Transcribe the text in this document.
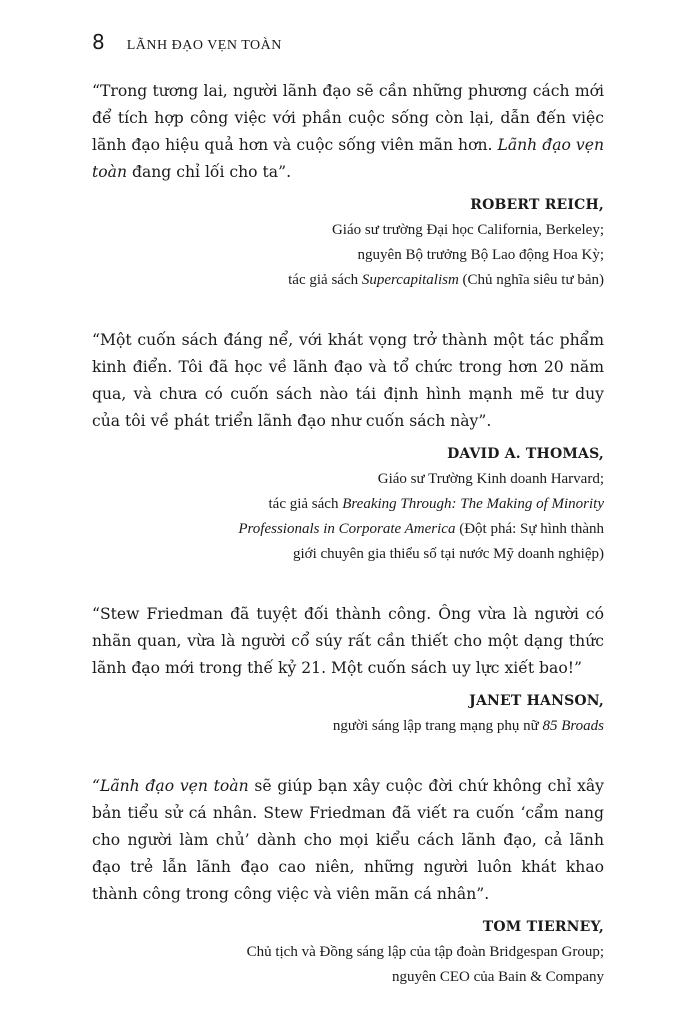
8 LÃNH ĐẠO VẸN TOÀN

“Trong tương lai, người lãnh đạo sẽ cần những phương cách mới để tích hợp công việc với phần cuộc sống còn lại, dẫn đến việc lãnh đạo hiệu quả hơn và cuộc sống viên mãn hơn. Lãnh đạo vẹn toàn đang chỉ lối cho ta”.

ROBERT REICH,
Giáo sư trường Đại học California, Berkeley;
nguyên Bộ trưởng Bộ Lao động Hoa Kỳ;
tác giả sách Supercapitalism (Chủ nghĩa siêu tư bản)

“Một cuốn sách đáng nể, với khát vọng trở thành một tác phẩm kinh điển. Tôi đã học về lãnh đạo và tổ chức trong hơn 20 năm qua, và chưa có cuốn sách nào tái định hình mạnh mẽ tư duy của tôi về phát triển lãnh đạo như cuốn sách này”.

DAVID A. THOMAS,
Giáo sư Trường Kinh doanh Harvard;
tác giả sách Breaking Through: The Making of Minority
Professionals in Corporate America (Đột phá: Sự hình thành
giới chuyên gia thiểu số tại nước Mỹ doanh nghiệp)

“Stew Friedman đã tuyệt đối thành công. Ông vừa là người có nhãn quan, vừa là người cổ súy rất cần thiết cho một dạng thức lãnh đạo mới trong thế kỷ 21. Một cuốn sách uy lực xiết bao!”

JANET HANSON,
người sáng lập trang mạng phụ nữ 85 Broads

“Lãnh đạo vẹn toàn sẽ giúp bạn xây cuộc đời chứ không chỉ xây bản tiểu sử cá nhân. Stew Friedman đã viết ra cuốn ‘cẩm nang cho người làm chủ’ dành cho mọi kiểu cách lãnh đạo, cả lãnh đạo trẻ lẫn lãnh đạo cao niên, những người luôn khát khao thành công trong công việc và viên mãn cá nhân”.

TOM TIERNEY,
Chủ tịch và Đồng sáng lập của tập đoàn Bridgespan Group;
nguyên CEO của Bain & Company
